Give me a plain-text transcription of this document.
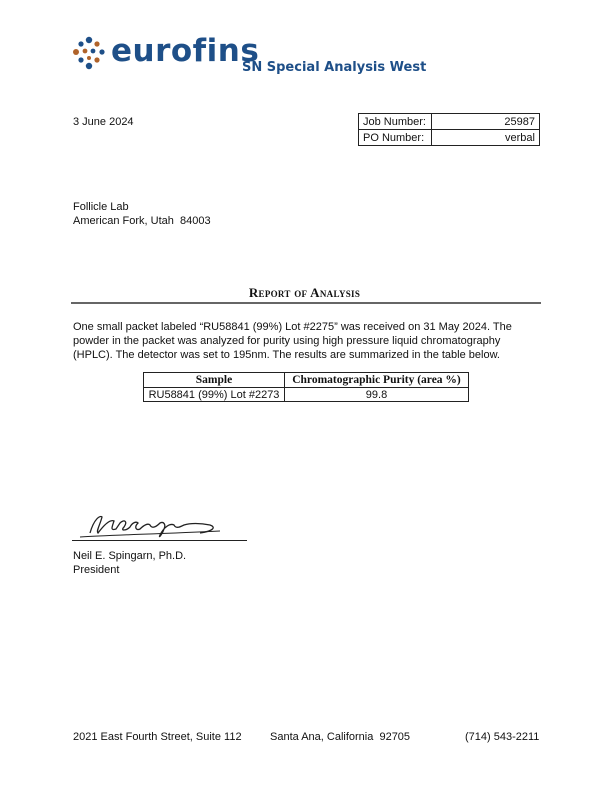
eurofins
SN Special Analysis West
3 June 2024	Job Number:	25987
PO Number:	verbal
Follicle Lab
American Fork, Utah  84003
Report of Analysis
One small packet labeled “RU58841 (99%) Lot #2275” was received on 31 May 2024. The powder in the packet was analyzed for purity using high pressure liquid chromatography (HPLC). The detector was set to 195nm. The results are summarized in the table below.
Sample	Chromatographic Purity (area %)
RU58841 (99%) Lot #2273	99.8
Neil E. Spingarn, Ph.D.
President
2021 East Fourth Street, Suite 112	Santa Ana, California  92705	(714) 543-2211
